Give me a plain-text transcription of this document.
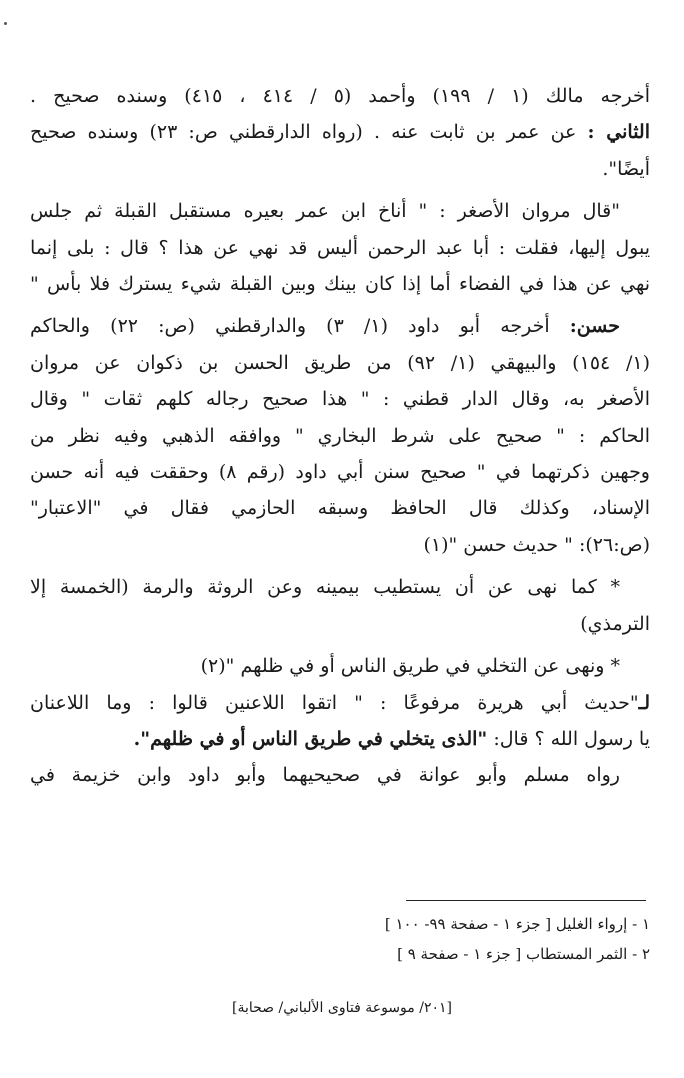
أخرجه مالك (١ / ١٩٩) وأحمد (٥ / ٤١٤ ، ٤١٥) وسنده صحيح .
الثاني : عن عمر بن ثابت عنه . (رواه الدارقطني ص: ٢٣) وسنده صحيح
أيضًا".
"قال مروان الأصغر : " أناخ ابن عمر بعيره مستقبل القبلة ثم جلس
يبول إليها، فقلت : أبا عبد الرحمن أليس قد نهي عن هذا ؟ قال : بلى إنما
نهي عن هذا في الفضاء أما إذا كان بينك وبين القبلة شيء يسترك فلا بأس "
حسن: أخرجه أبو داود (١/ ٣) والدارقطني (ص: ٢٢) والحاكم
(١/ ١٥٤) والبيهقي (١/ ٩٢) من طريق الحسن بن ذكوان عن مروان
الأصغر به، وقال الدار قطني : " هذا صحيح رجاله كلهم ثقات " وقال
الحاكم : " صحيح على شرط البخاري " ووافقه الذهبي وفيه نظر من
وجهين ذكرتهما في " صحيح سنن أبي داود (رقم ٨) وحققت فيه أنه حسن
الإسناد، وكذلك قال الحافظ وسبقه الحازمي فقال في "الاعتبار"
(ص:٢٦): " حديث حسن "(١)
* كما نهى عن أن يستطيب بيمينه وعن الروثة والرمة (الخمسة إلا
الترمذي)
* ونهى عن التخلي في طريق الناس أو في ظلهم "(٢)
لـ"حديث أبي هريرة مرفوعًا : " اتقوا اللاعنين قالوا : وما اللاعنان
يا رسول الله ؟ قال: "الذى يتخلي في طريق الناس أو في ظلهم".
رواه مسلم وأبو عوانة في صحيحيهما وأبو داود وابن خزيمة في
١ - إرواء الغليل [ جزء ١ - صفحة ٩٩- ١٠٠ ]
٢ - الثمر المستطاب [ جزء ١ - صفحة ٩ ]
[٢٠١/ موسوعة فتاوى الألباني/ صحابة]
